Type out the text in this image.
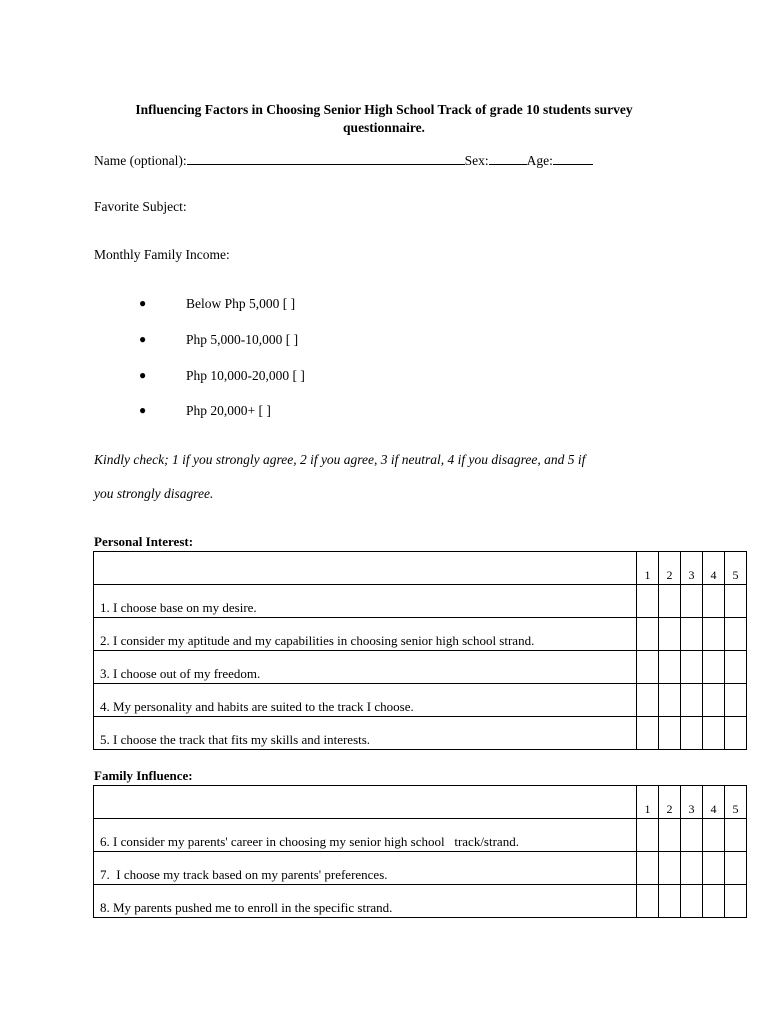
Influencing Factors in Choosing Senior High School Track of grade 10 students survey questionnaire.
Name (optional):	Sex:	Age:
Favorite Subject:
Monthly Family Income:
●	Below Php 5,000 [ ]
●	Php 5,000-10,000 [ ]
●	Php 10,000-20,000 [ ]
●	Php 20,000+ [ ]
Kindly check; 1 if you strongly agree, 2 if you agree, 3 if neutral, 4 if you disagree, and 5 if
you strongly disagree.
Personal Interest:
	1	2	3	4	5
1. I choose base on my desire.					
2. I consider my aptitude and my capabilities in choosing senior high school strand.					
3. I choose out of my freedom.					
4. My personality and habits are suited to the track I choose.					
5. I choose the track that fits my skills and interests.					
Family Influence:
	1	2	3	4	5
6. I consider my parents' career in choosing my senior high school   track/strand.					
7.  I choose my track based on my parents' preferences.					
8. My parents pushed me to enroll in the specific strand.					
